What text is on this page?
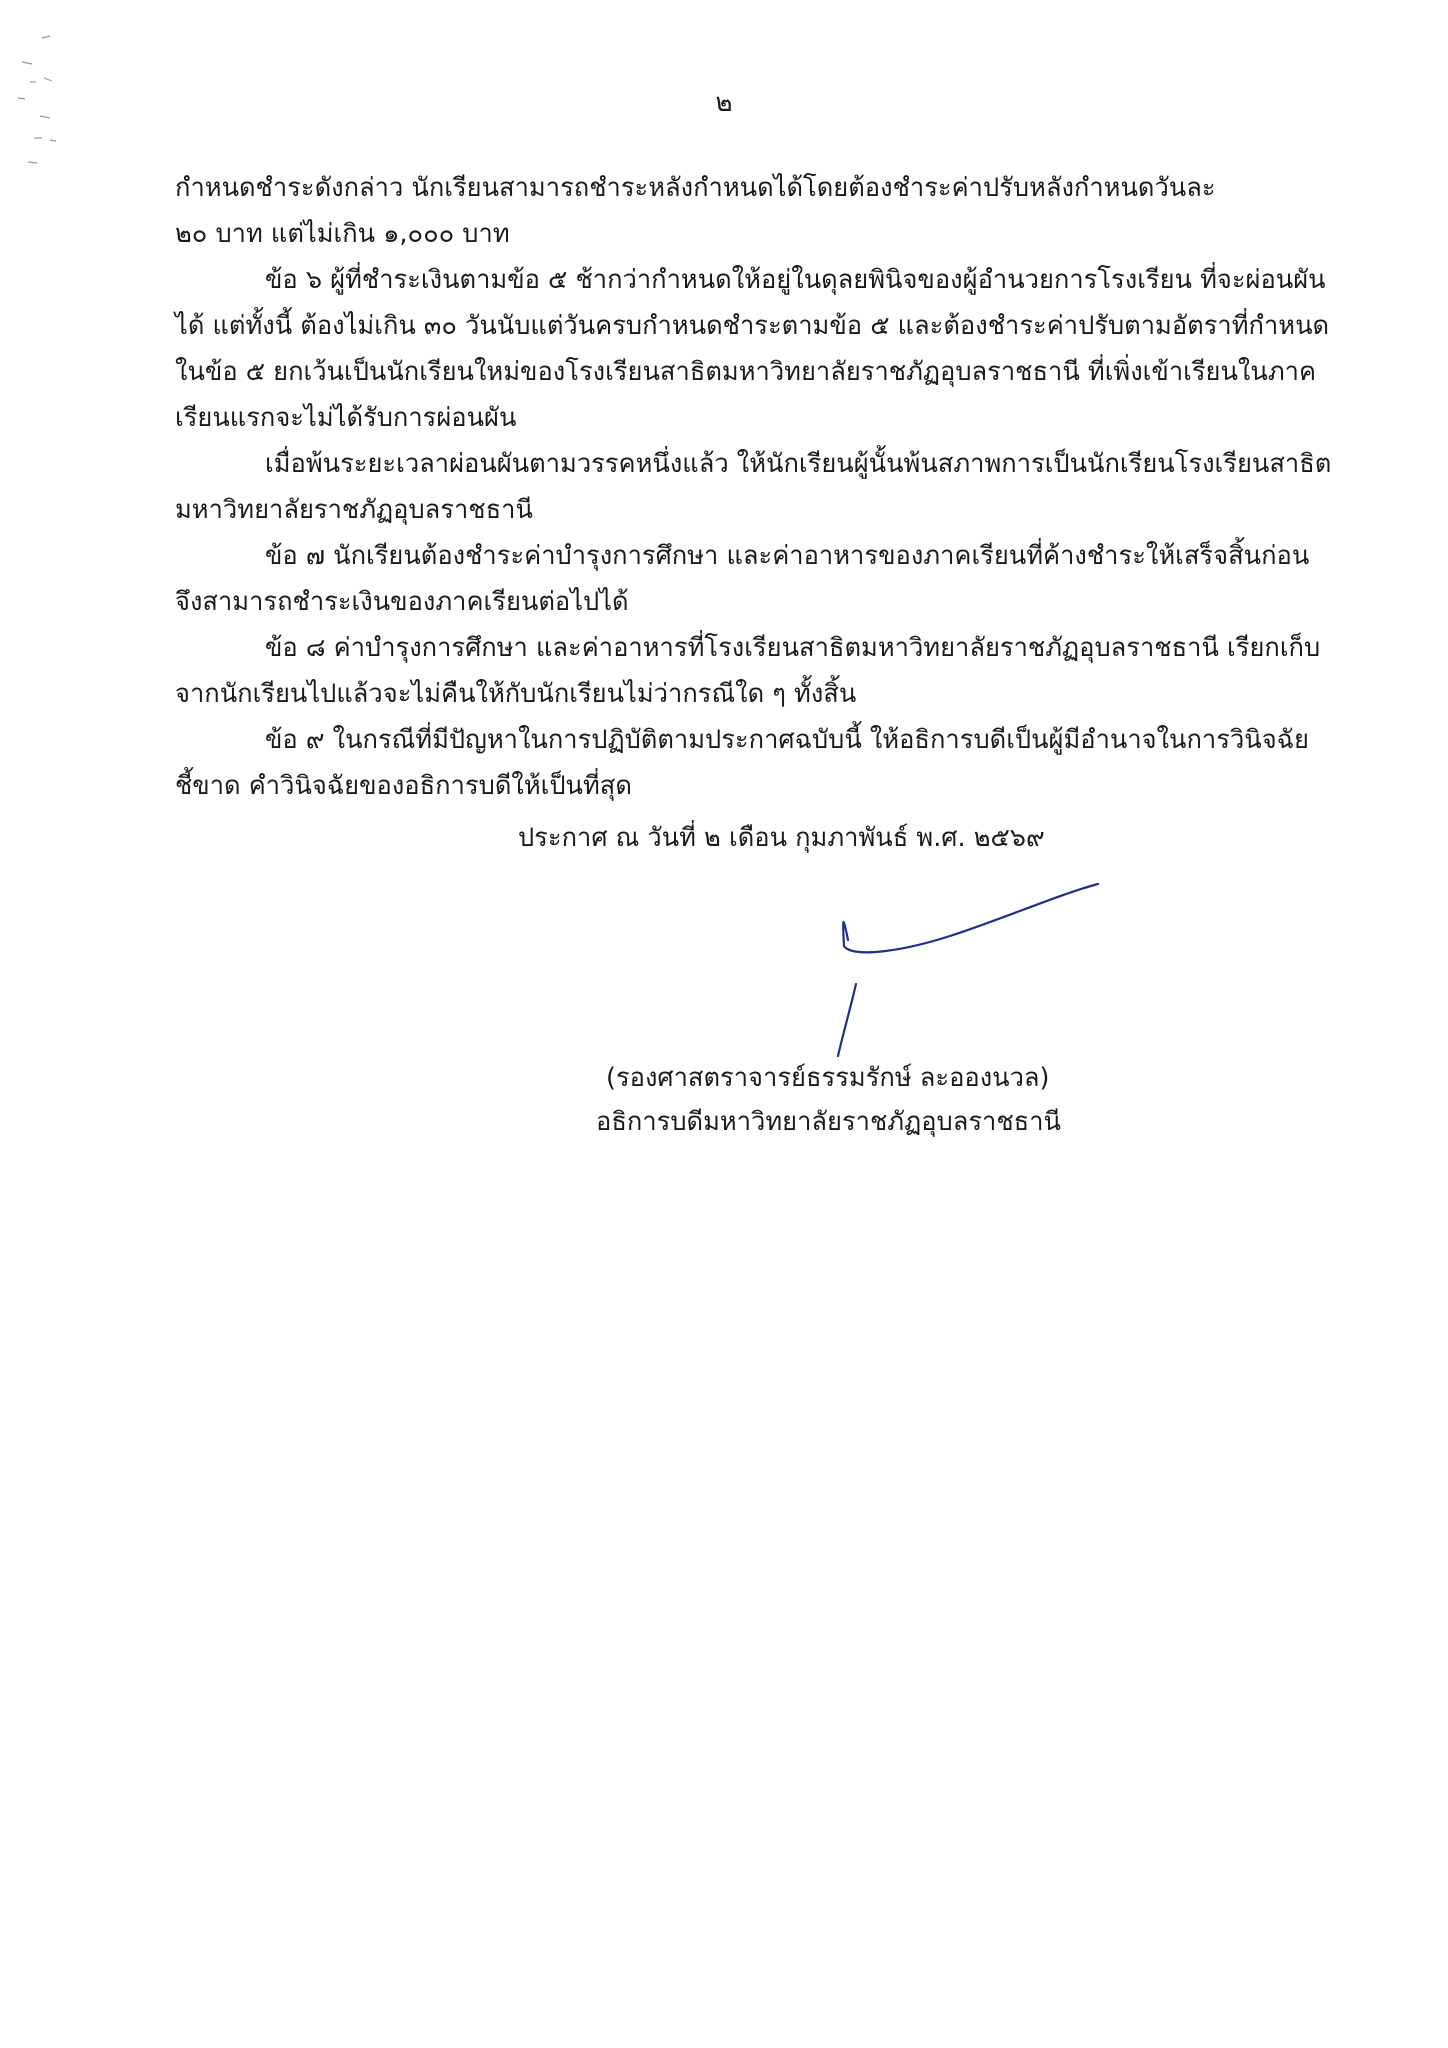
๒

กำหนดชำระดังกล่าว นักเรียนสามารถชำระหลังกำหนดได้โดยต้องชำระค่าปรับหลังกำหนดวันละ
๒๐ บาท แต่ไม่เกิน ๑,๐๐๐ บาท

ข้อ ๖ ผู้ที่ชำระเงินตามข้อ ๕ ช้ากว่ากำหนดให้อยู่ในดุลยพินิจของผู้อำนวยการโรงเรียน ที่จะผ่อนผัน
ได้ แต่ทั้งนี้ ต้องไม่เกิน ๓๐ วันนับแต่วันครบกำหนดชำระตามข้อ ๕ และต้องชำระค่าปรับตามอัตราที่กำหนด
ในข้อ ๕ ยกเว้นเป็นนักเรียนใหม่ของโรงเรียนสาธิตมหาวิทยาลัยราชภัฏอุบลราชธานี ที่เพิ่งเข้าเรียนในภาค
เรียนแรกจะไม่ได้รับการผ่อนผัน

เมื่อพ้นระยะเวลาผ่อนผันตามวรรคหนึ่งแล้ว ให้นักเรียนผู้นั้นพ้นสภาพการเป็นนักเรียนโรงเรียนสาธิต
มหาวิทยาลัยราชภัฏอุบลราชธานี

ข้อ ๗ นักเรียนต้องชำระค่าบำรุงการศึกษา และค่าอาหารของภาคเรียนที่ค้างชำระให้เสร็จสิ้นก่อน
จึงสามารถชำระเงินของภาคเรียนต่อไปได้

ข้อ ๘ ค่าบำรุงการศึกษา และค่าอาหารที่โรงเรียนสาธิตมหาวิทยาลัยราชภัฏอุบลราชธานี เรียกเก็บ
จากนักเรียนไปแล้วจะไม่คืนให้กับนักเรียนไม่ว่ากรณีใด ๆ ทั้งสิ้น

ข้อ ๙ ในกรณีที่มีปัญหาในการปฏิบัติตามประกาศฉบับนี้ ให้อธิการบดีเป็นผู้มีอำนาจในการวินิจฉัย
ชี้ขาด คำวินิจฉัยของอธิการบดีให้เป็นที่สุด

ประกาศ ณ วันที่ ๒ เดือน กุมภาพันธ์ พ.ศ. ๒๕๖๙
(รองศาสตราจารย์ธรรมรักษ์ ละอองนวล)
อธิการบดีมหาวิทยาลัยราชภัฏอุบลราชธานี
